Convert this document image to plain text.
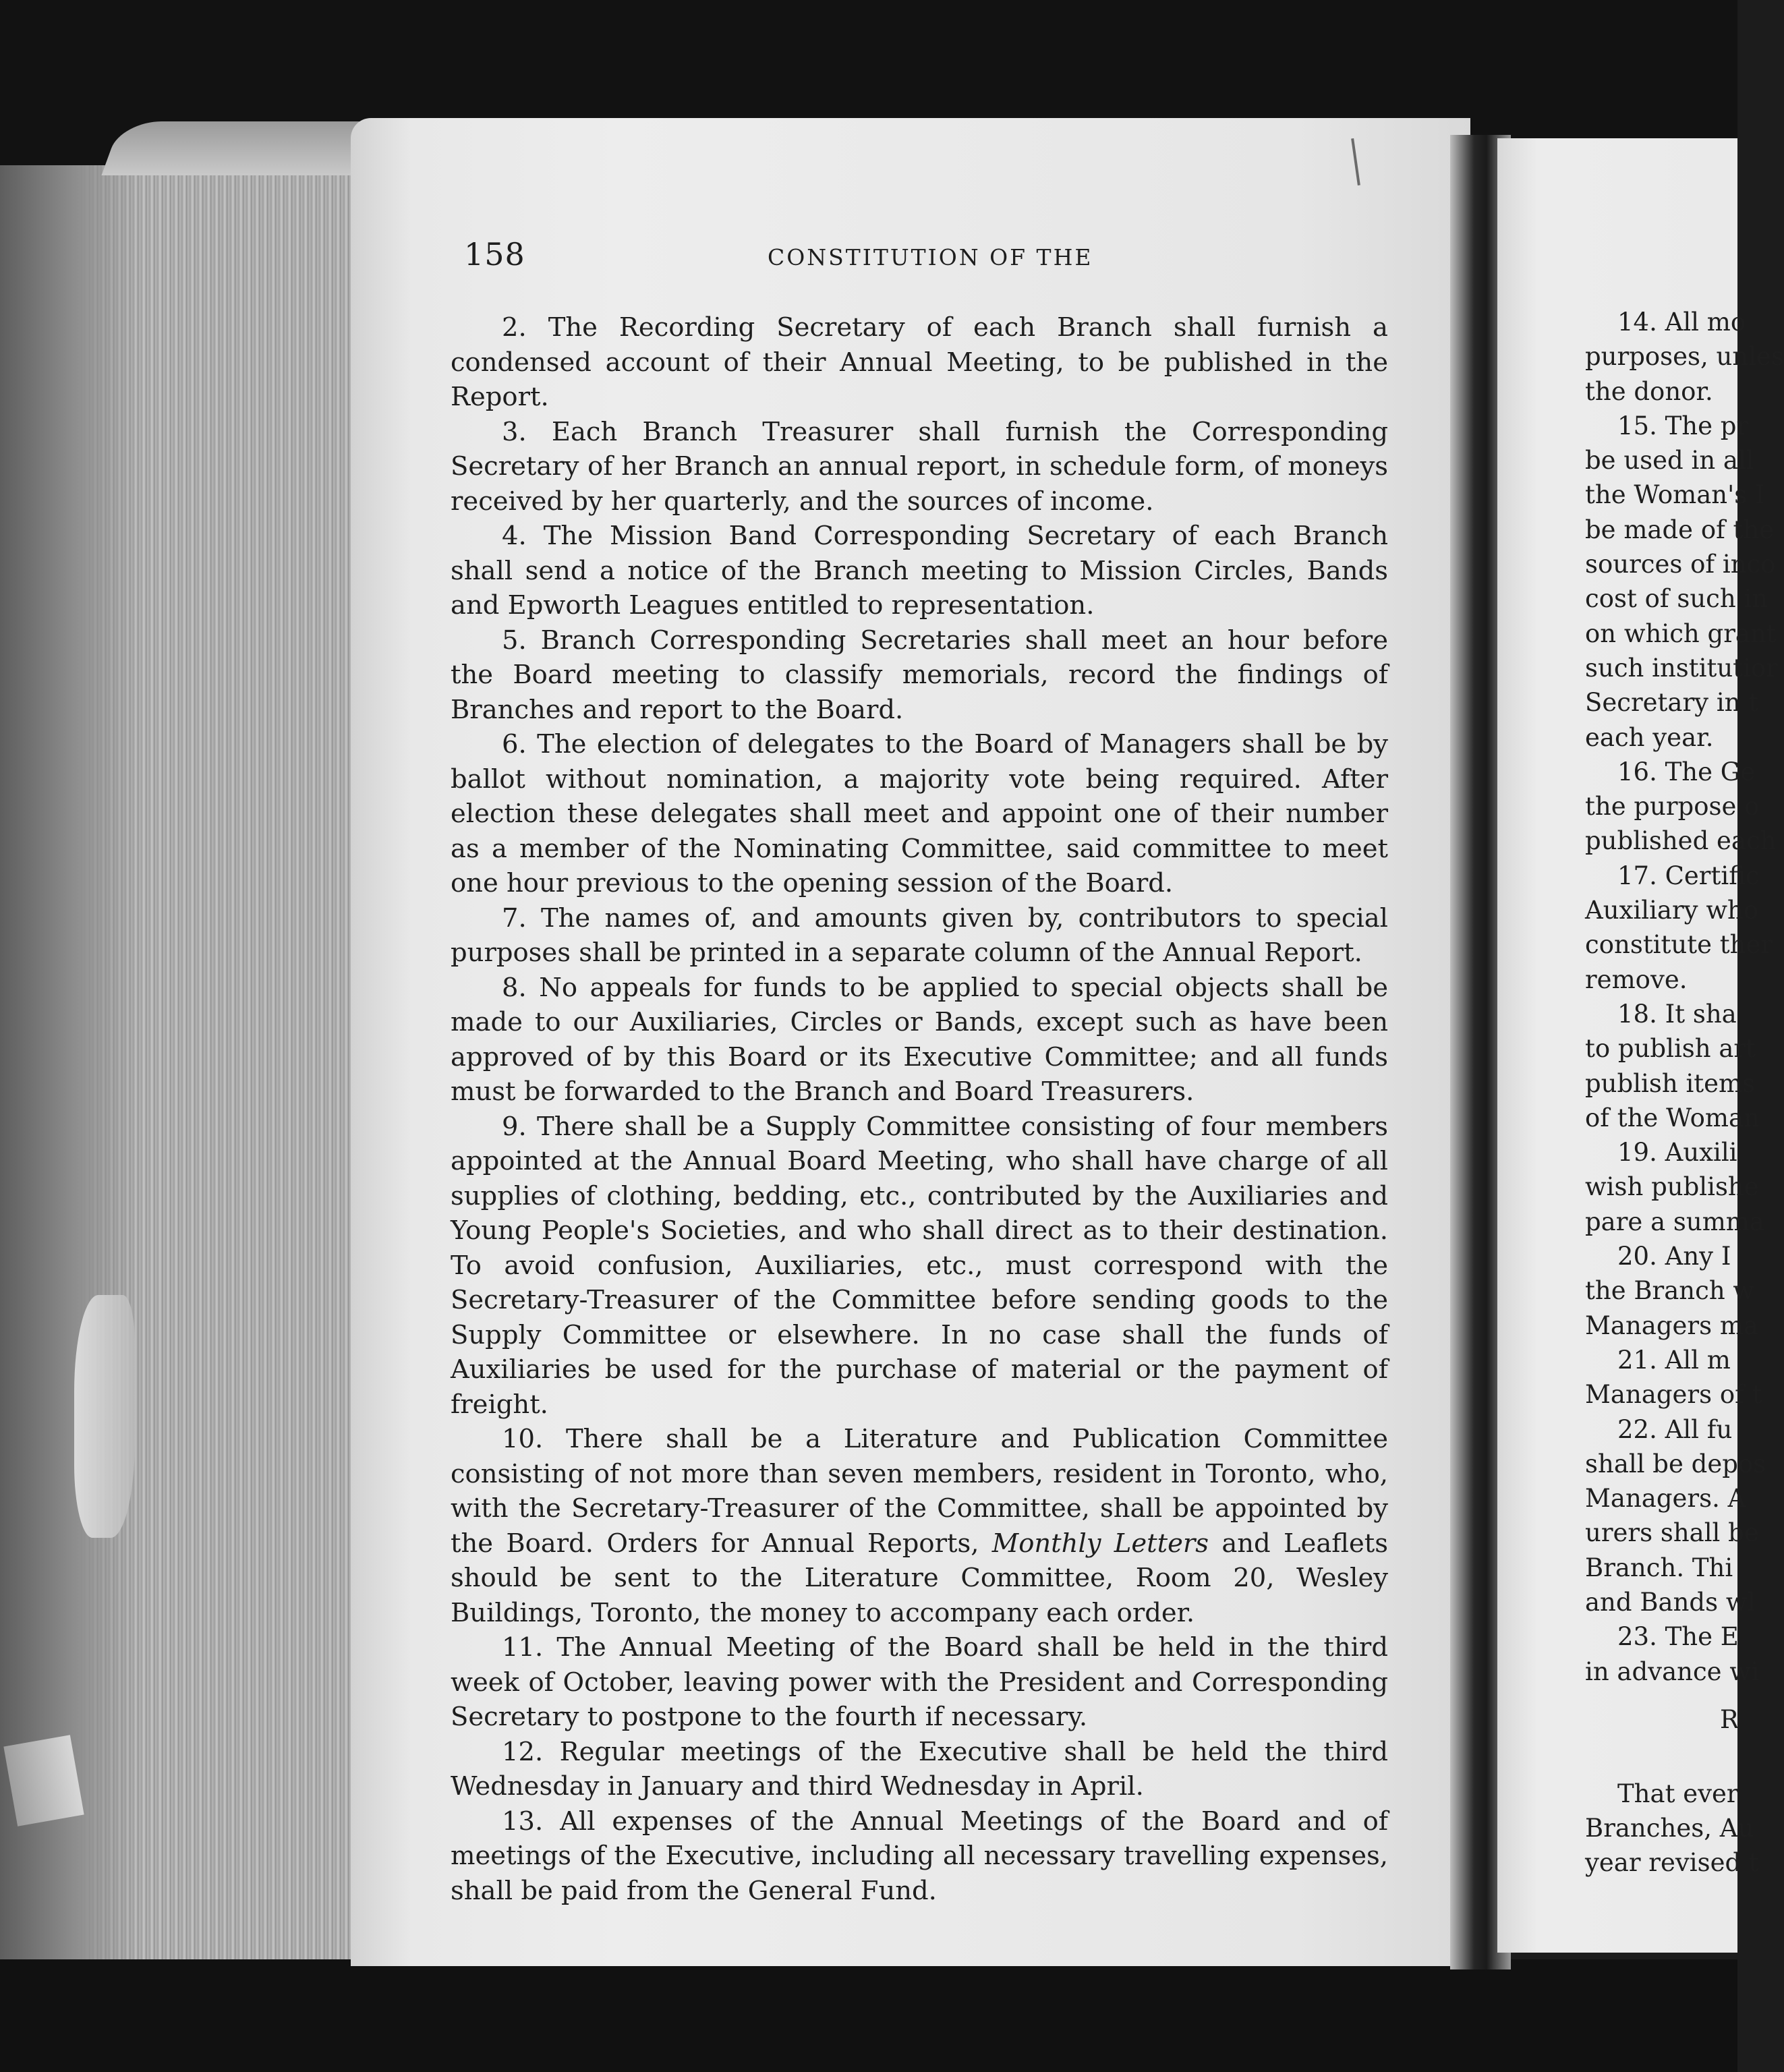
158	CONSTITUTION OF THE

2. The Recording Secretary of each Branch shall furnish a condensed account of their Annual Meeting, to be published in the Report.

3. Each Branch Treasurer shall furnish the Corresponding Secretary of her Branch an annual report, in schedule form, of moneys received by her quarterly, and the sources of income.

4. The Mission Band Corresponding Secretary of each Branch shall send a notice of the Branch meeting to Mission Circles, Bands and Epworth Leagues entitled to representation.

5. Branch Corresponding Secretaries shall meet an hour before the Board meeting to classify memorials, record the findings of Branches and report to the Board.

6. The election of delegates to the Board of Managers shall be by ballot without nomination, a majority vote being required. After election these delegates shall meet and appoint one of their number as a member of the Nominating Committee, said committee to meet one hour previous to the opening session of the Board.

7. The names of, and amounts given by, contributors to special purposes shall be printed in a separate column of the Annual Report.

8. No appeals for funds to be applied to special objects shall be made to our Auxiliaries, Circles or Bands, except such as have been approved of by this Board or its Executive Committee; and all funds must be forwarded to the Branch and Board Treasurers.

9. There shall be a Supply Committee consisting of four members appointed at the Annual Board Meeting, who shall have charge of all supplies of clothing, bedding, etc., contributed by the Auxiliaries and Young People's Societies, and who shall direct as to their destination. To avoid confusion, Auxiliaries, etc., must correspond with the Secretary-Treasurer of the Committee before sending goods to the Supply Committee or elsewhere. In no case shall the funds of Auxiliaries be used for the purchase of material or the payment of freight.

10. There shall be a Literature and Publication Committee consisting of not more than seven members, resident in Toronto, who, with the Secretary-Treasurer of the Committee, shall be appointed by the Board. Orders for Annual Reports, Monthly Letters and Leaflets should be sent to the Literature Committee, Room 20, Wesley Buildings, Toronto, the money to accompany each order.

11. The Annual Meeting of the Board shall be held in the third week of October, leaving power with the President and Corresponding Secretary to postpone to the fourth if necessary.

12. Regular meetings of the Executive shall be held the third Wednesday in January and third Wednesday in April.

13. All expenses of the Annual Meetings of the Board and of meetings of the Executive, including all necessary travelling expenses, shall be paid from the General Fund.

14. All mo
purposes, unles
the donor.
15. The pr
be used in all
the Woman's I
be made of the
sources of inco
cost of such in
on which grant
such institutior
Secretary in t
each year.
16. The Ge
the purpose o
published each
17. Certific
Auxiliary who
constitute ther
remove.
18. It sha
to publish art
publish items
of the Woman
19. Auxili
wish publishe
pare a summa
20. Any I
the Branch w
Managers ma
21. All m
Managers of t
22. All fu
shall be depos
Managers. A
urers shall be
Branch. Thi
and Bands wl
23. The E
in advance wi
R
That ever
Branches, Au
year revised t
